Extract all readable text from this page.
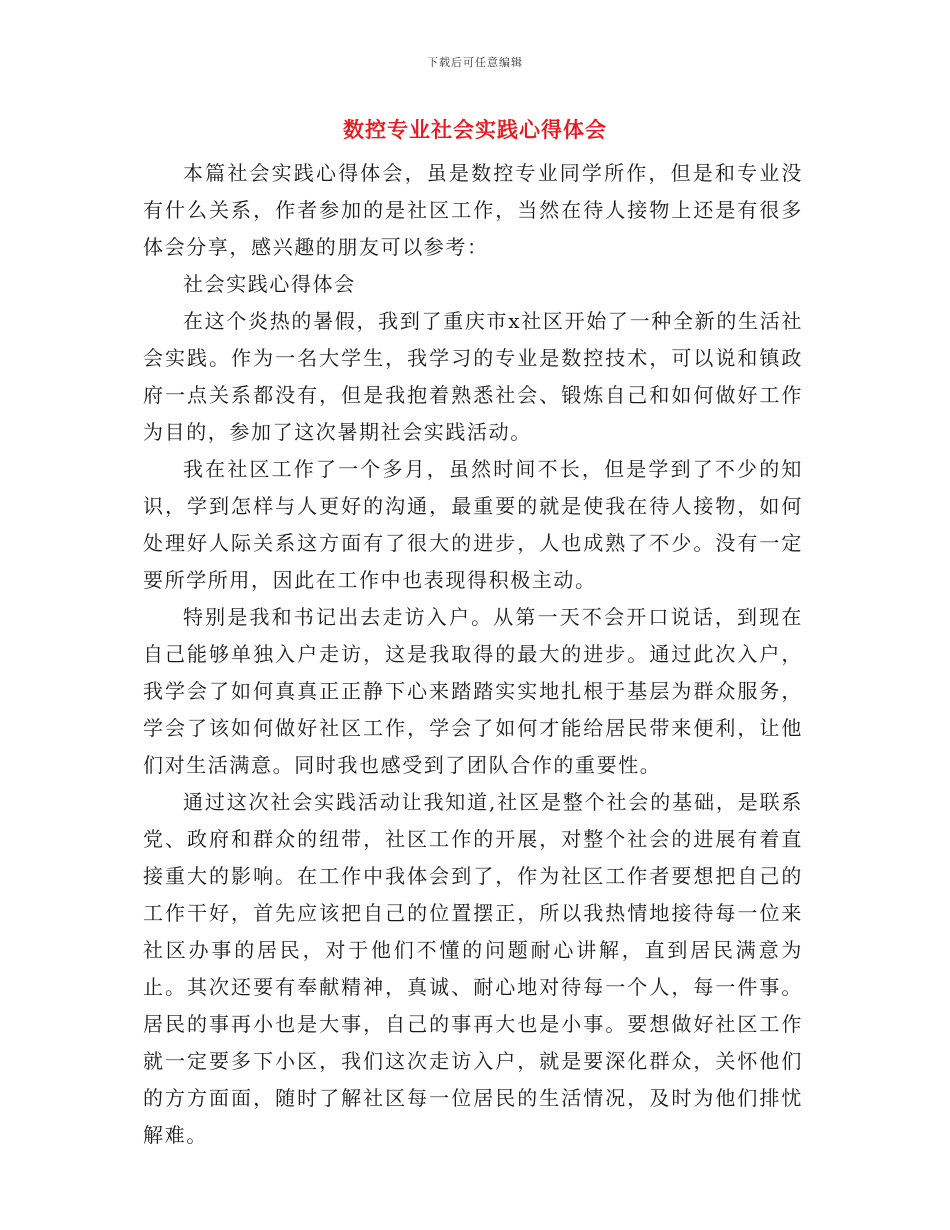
下载后可任意编辑
数控专业社会实践心得体会

本篇社会实践心得体会，虽是数控专业同学所作，但是和专业没有什么关系，作者参加的是社区工作，当然在待人接物上还是有很多体会分享，感兴趣的朋友可以参考：

社会实践心得体会

在这个炎热的暑假，我到了重庆市x社区开始了一种全新的生活社会实践。作为一名大学生，我学习的专业是数控技术，可以说和镇政府一点关系都没有，但是我抱着熟悉社会、锻炼自己和如何做好工作为目的，参加了这次暑期社会实践活动。

我在社区工作了一个多月，虽然时间不长，但是学到了不少的知识，学到怎样与人更好的沟通，最重要的就是使我在待人接物，如何处理好人际关系这方面有了很大的进步，人也成熟了不少。没有一定要所学所用，因此在工作中也表现得积极主动。

特别是我和书记出去走访入户。从第一天不会开口说话，到现在自己能够单独入户走访，这是我取得的最大的进步。通过此次入户，我学会了如何真真正正静下心来踏踏实实地扎根于基层为群众服务，学会了该如何做好社区工作，学会了如何才能给居民带来便利，让他们对生活满意。同时我也感受到了团队合作的重要性。

通过这次社会实践活动让我知道,社区是整个社会的基础，是联系党、政府和群众的纽带，社区工作的开展，对整个社会的进展有着直接重大的影响。在工作中我体会到了，作为社区工作者要想把自己的工作干好，首先应该把自己的位置摆正，所以我热情地接待每一位来社区办事的居民，对于他们不懂的问题耐心讲解，直到居民满意为止。其次还要有奉献精神，真诚、耐心地对待每一个人，每一件事。居民的事再小也是大事，自己的事再大也是小事。要想做好社区工作就一定要多下小区，我们这次走访入户，就是要深化群众，关怀他们的方方面面，随时了解社区每一位居民的生活情况，及时为他们排忧解难。
